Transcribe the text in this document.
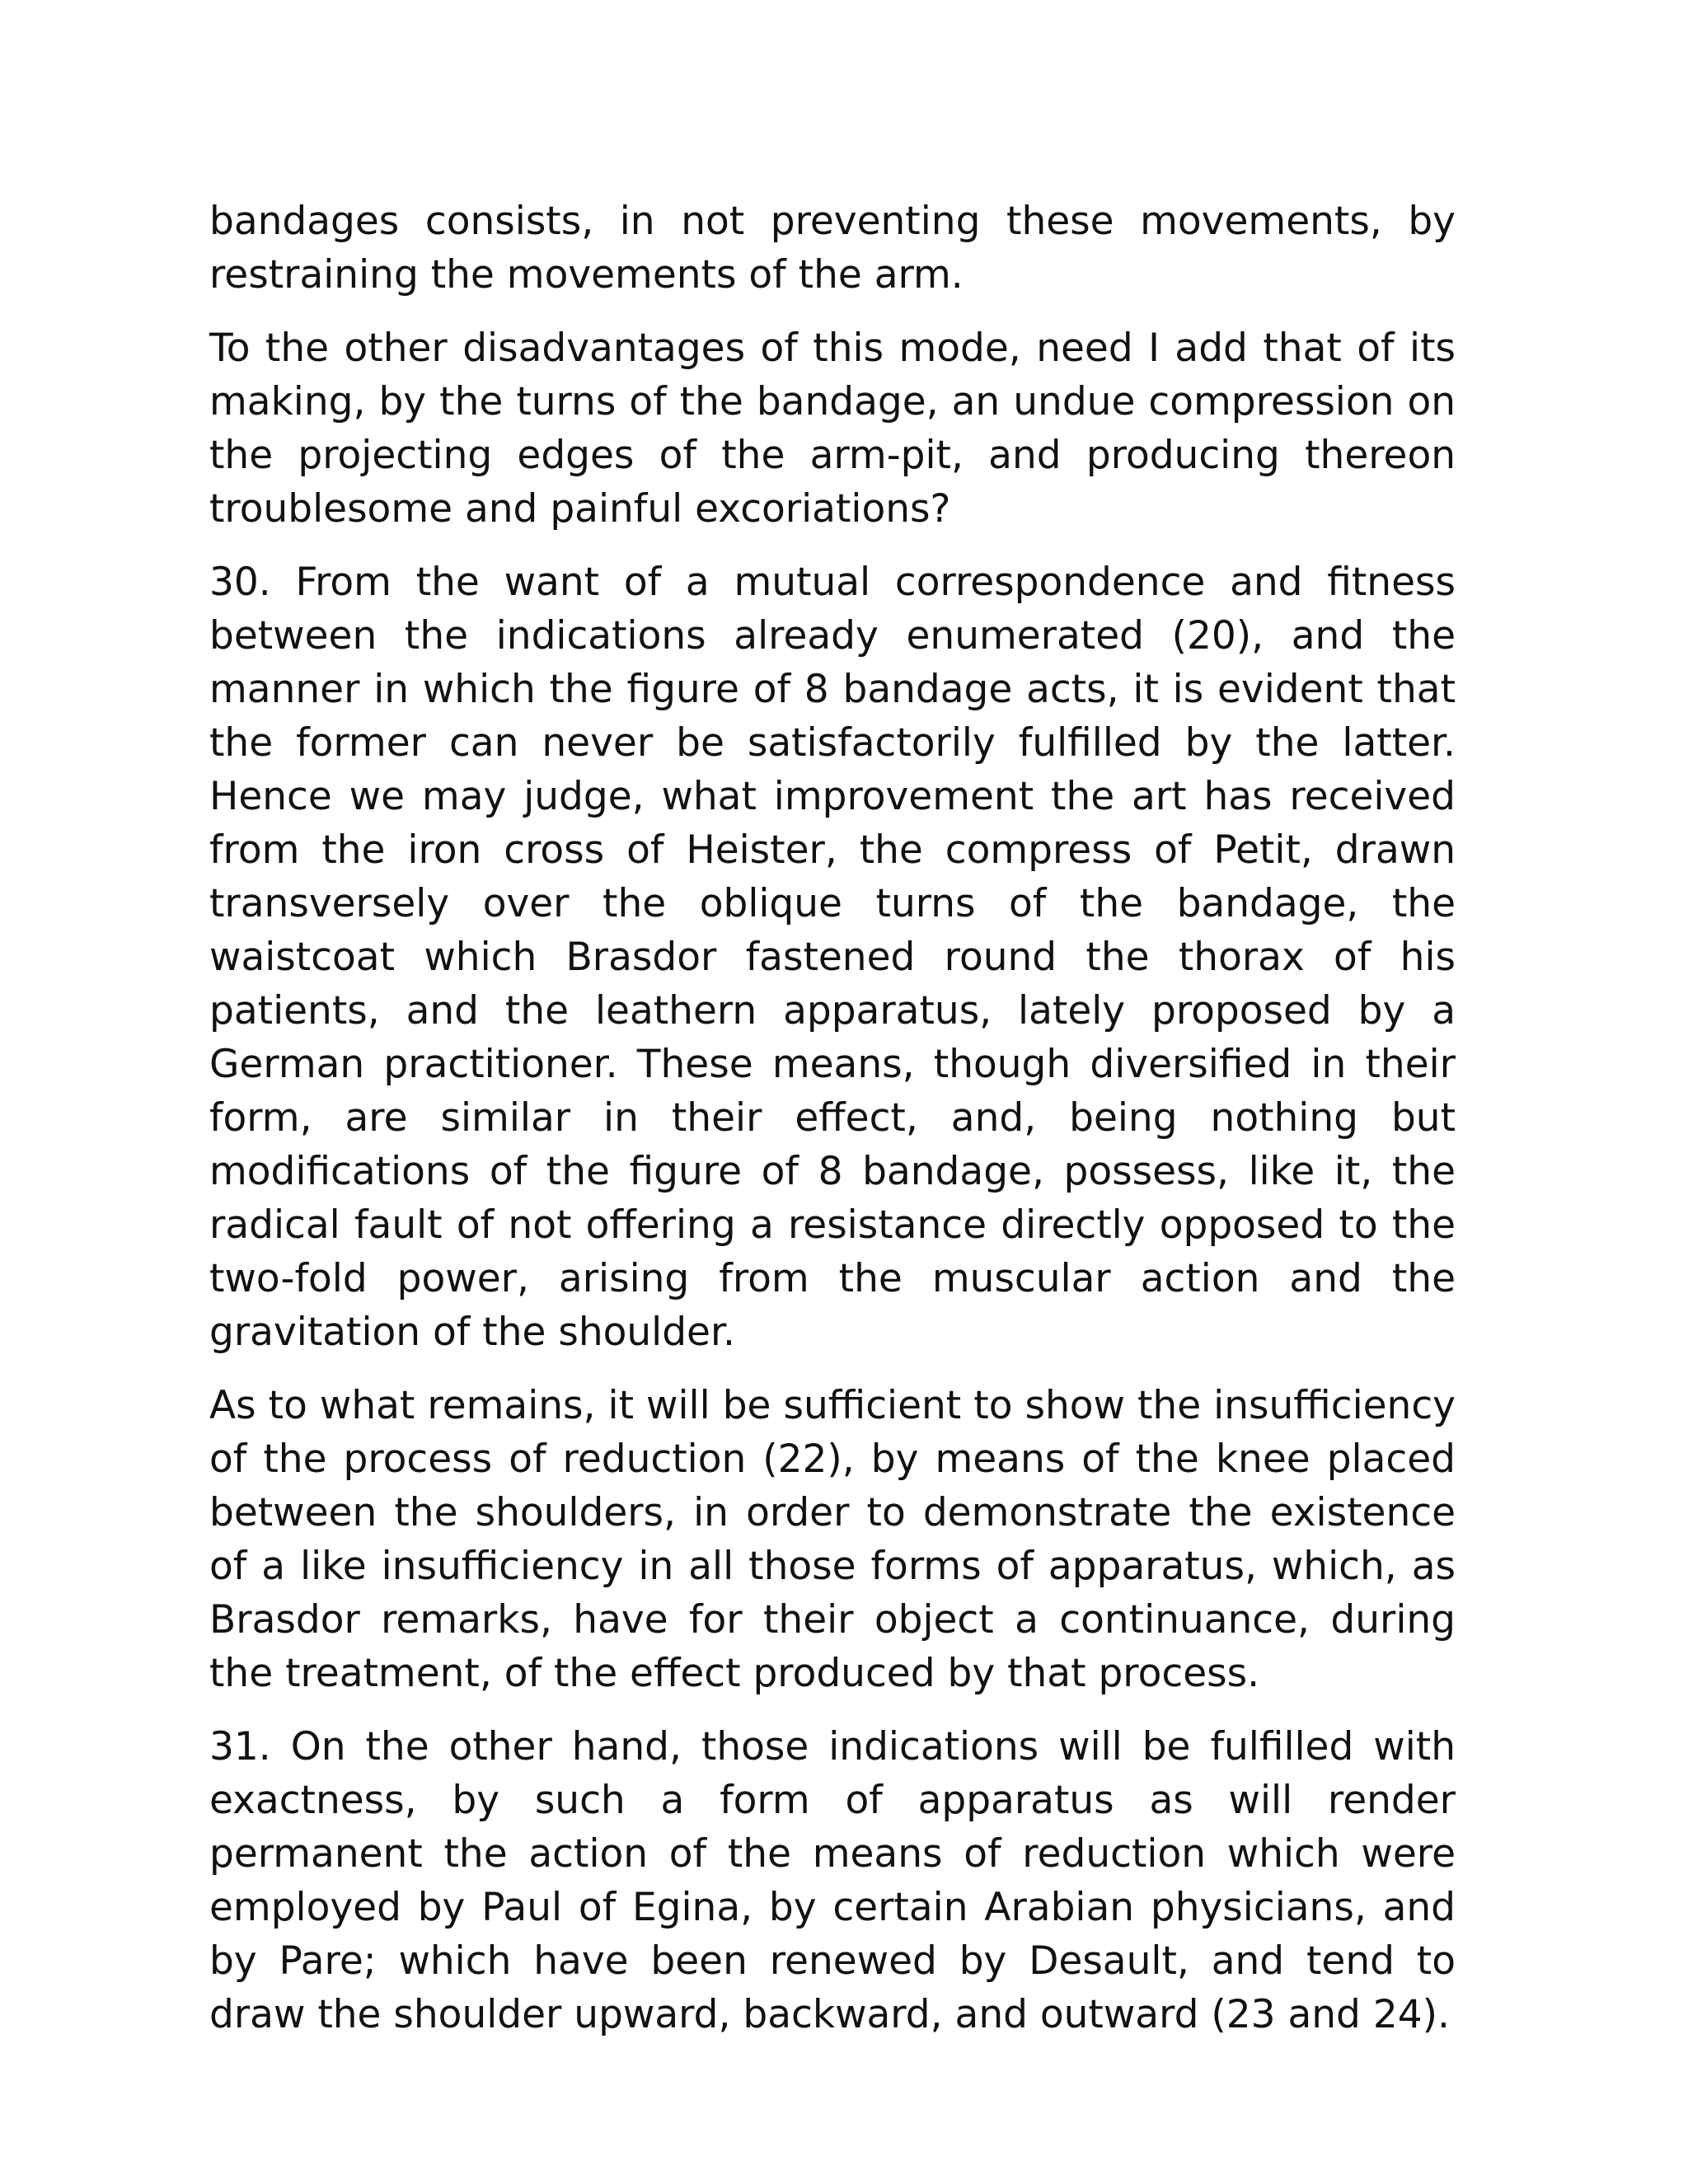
bandages consists, in not preventing these movements, by restraining the movements of the arm.

To the other disadvantages of this mode, need I add that of its making, by the turns of the bandage, an undue compression on the projecting edges of the arm-pit, and producing thereon troublesome and painful excoriations?

30. From the want of a mutual correspondence and fitness between the indications already enumerated (20), and the manner in which the figure of 8 bandage acts, it is evident that the former can never be satisfactorily fulfilled by the latter. Hence we may judge, what improvement the art has received from the iron cross of Heister, the compress of Petit, drawn transversely over the oblique turns of the bandage, the waistcoat which Brasdor fastened round the thorax of his patients, and the leathern apparatus, lately proposed by a German practitioner. These means, though diversified in their form, are similar in their effect, and, being nothing but modifications of the figure of 8 bandage, possess, like it, the radical fault of not offering a resistance directly opposed to the two-fold power, arising from the muscular action and the gravitation of the shoulder.

As to what remains, it will be sufficient to show the insufficiency of the process of reduction (22), by means of the knee placed between the shoulders, in order to demonstrate the existence of a like insufficiency in all those forms of apparatus, which, as Brasdor remarks, have for their object a continuance, during the treatment, of the effect produced by that process.

31. On the other hand, those indications will be fulfilled with exactness, by such a form of apparatus as will render permanent the action of the means of reduction which were employed by Paul of Egina, by certain Arabian physicians, and by Pare; which have been renewed by Desault, and tend to draw the shoulder upward, backward, and outward (23 and 24).
